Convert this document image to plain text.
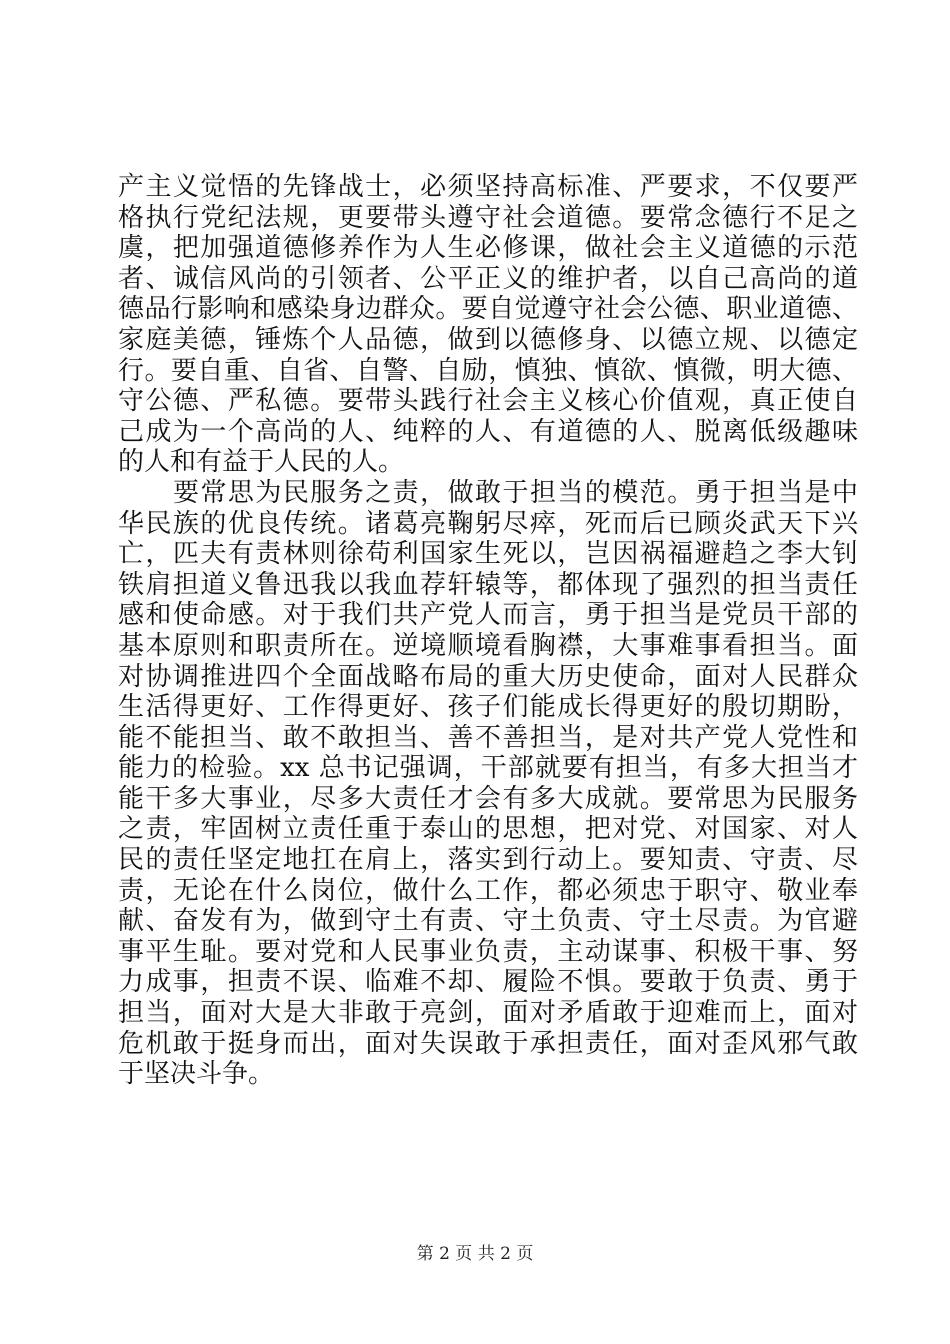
产主义觉悟的先锋战士，必须坚持高标准、严要求，不仅要严
格执行党纪法规，更要带头遵守社会道德。要常念德行不足之
虞，把加强道德修养作为人生必修课，做社会主义道德的示范
者、诚信风尚的引领者、公平正义的维护者，以自己高尚的道
德品行影响和感染身边群众。要自觉遵守社会公德、职业道德、
家庭美德，锤炼个人品德，做到以德修身、以德立规、以德定
行。要自重、自省、自警、自励，慎独、慎欲、慎微，明大德、
守公德、严私德。要带头践行社会主义核心价值观，真正使自
己成为一个高尚的人、纯粹的人、有道德的人、脱离低级趣味
的人和有益于人民的人。
要常思为民服务之责，做敢于担当的模范。勇于担当是中
华民族的优良传统。诸葛亮鞠躬尽瘁，死而后已顾炎武天下兴
亡，匹夫有责林则徐苟利国家生死以，岂因祸福避趋之李大钊
铁肩担道义鲁迅我以我血荐轩辕等，都体现了强烈的担当责任
感和使命感。对于我们共产党人而言，勇于担当是党员干部的
基本原则和职责所在。逆境顺境看胸襟，大事难事看担当。面
对协调推进四个全面战略布局的重大历史使命，面对人民群众
生活得更好、工作得更好、孩子们能成长得更好的殷切期盼，
能不能担当、敢不敢担当、善不善担当，是对共产党人党性和
能力的检验。xx 总书记强调，干部就要有担当，有多大担当才
能干多大事业，尽多大责任才会有多大成就。要常思为民服务
之责，牢固树立责任重于泰山的思想，把对党、对国家、对人
民的责任坚定地扛在肩上，落实到行动上。要知责、守责、尽
责，无论在什么岗位，做什么工作，都必须忠于职守、敬业奉
献、奋发有为，做到守土有责、守土负责、守土尽责。为官避
事平生耻。要对党和人民事业负责，主动谋事、积极干事、努
力成事，担责不误、临难不却、履险不惧。要敢于负责、勇于
担当，面对大是大非敢于亮剑，面对矛盾敢于迎难而上，面对
危机敢于挺身而出，面对失误敢于承担责任，面对歪风邪气敢
于坚决斗争。
第 2 页 共 2 页
